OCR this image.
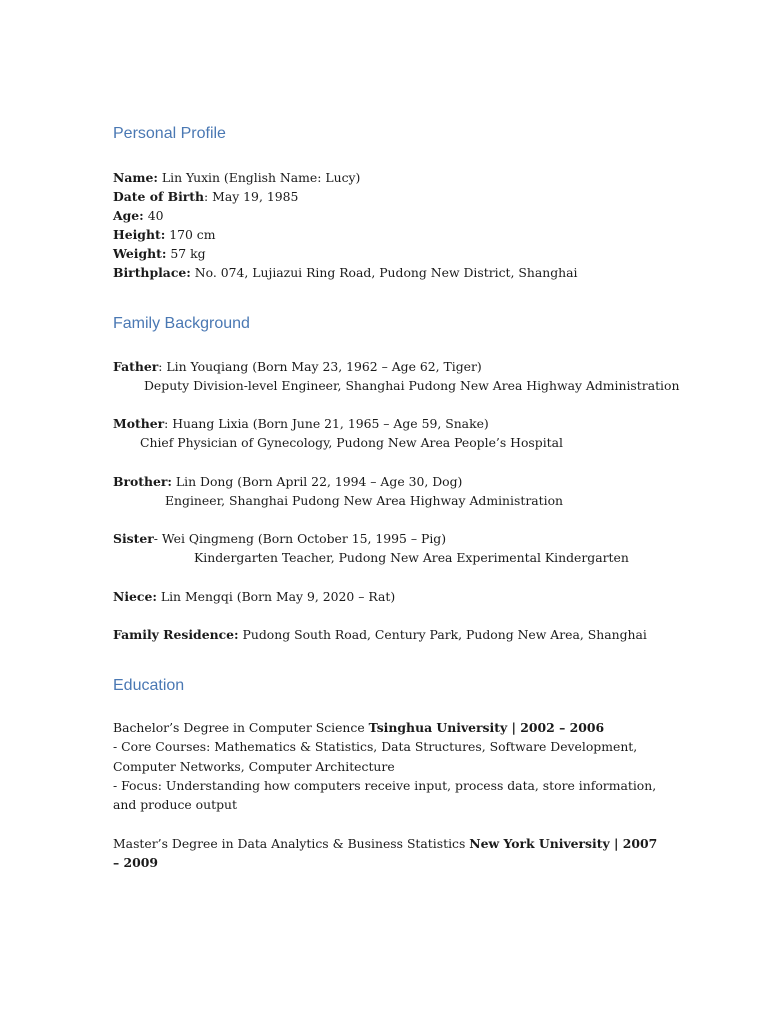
Personal Profile
Name: Lin Yuxin (English Name: Lucy)
Date of Birth: May 19, 1985
Age: 40
Height: 170 cm
Weight: 57 kg
Birthplace: No. 074, Lujiazui Ring Road, Pudong New District, Shanghai
Family Background
Father: Lin Youqiang (Born May 23, 1962 – Age 62, Tiger)
Deputy Division-level Engineer, Shanghai Pudong New Area Highway Administration
Mother: Huang Lixia (Born June 21, 1965 – Age 59, Snake)
Chief Physician of Gynecology, Pudong New Area People’s Hospital
Brother: Lin Dong (Born April 22, 1994 – Age 30, Dog)
Engineer, Shanghai Pudong New Area Highway Administration
Sister- Wei Qingmeng (Born October 15, 1995 – Pig)
Kindergarten Teacher, Pudong New Area Experimental Kindergarten
Niece: Lin Mengqi (Born May 9, 2020 – Rat)
Family Residence: Pudong South Road, Century Park, Pudong New Area, Shanghai
Education
Bachelor’s Degree in Computer Science Tsinghua University | 2002 – 2006
- Core Courses: Mathematics & Statistics, Data Structures, Software Development, Computer Networks, Computer Architecture
- Focus: Understanding how computers receive input, process data, store information, and produce output
Master’s Degree in Data Analytics & Business Statistics New York University | 2007 – 2009
